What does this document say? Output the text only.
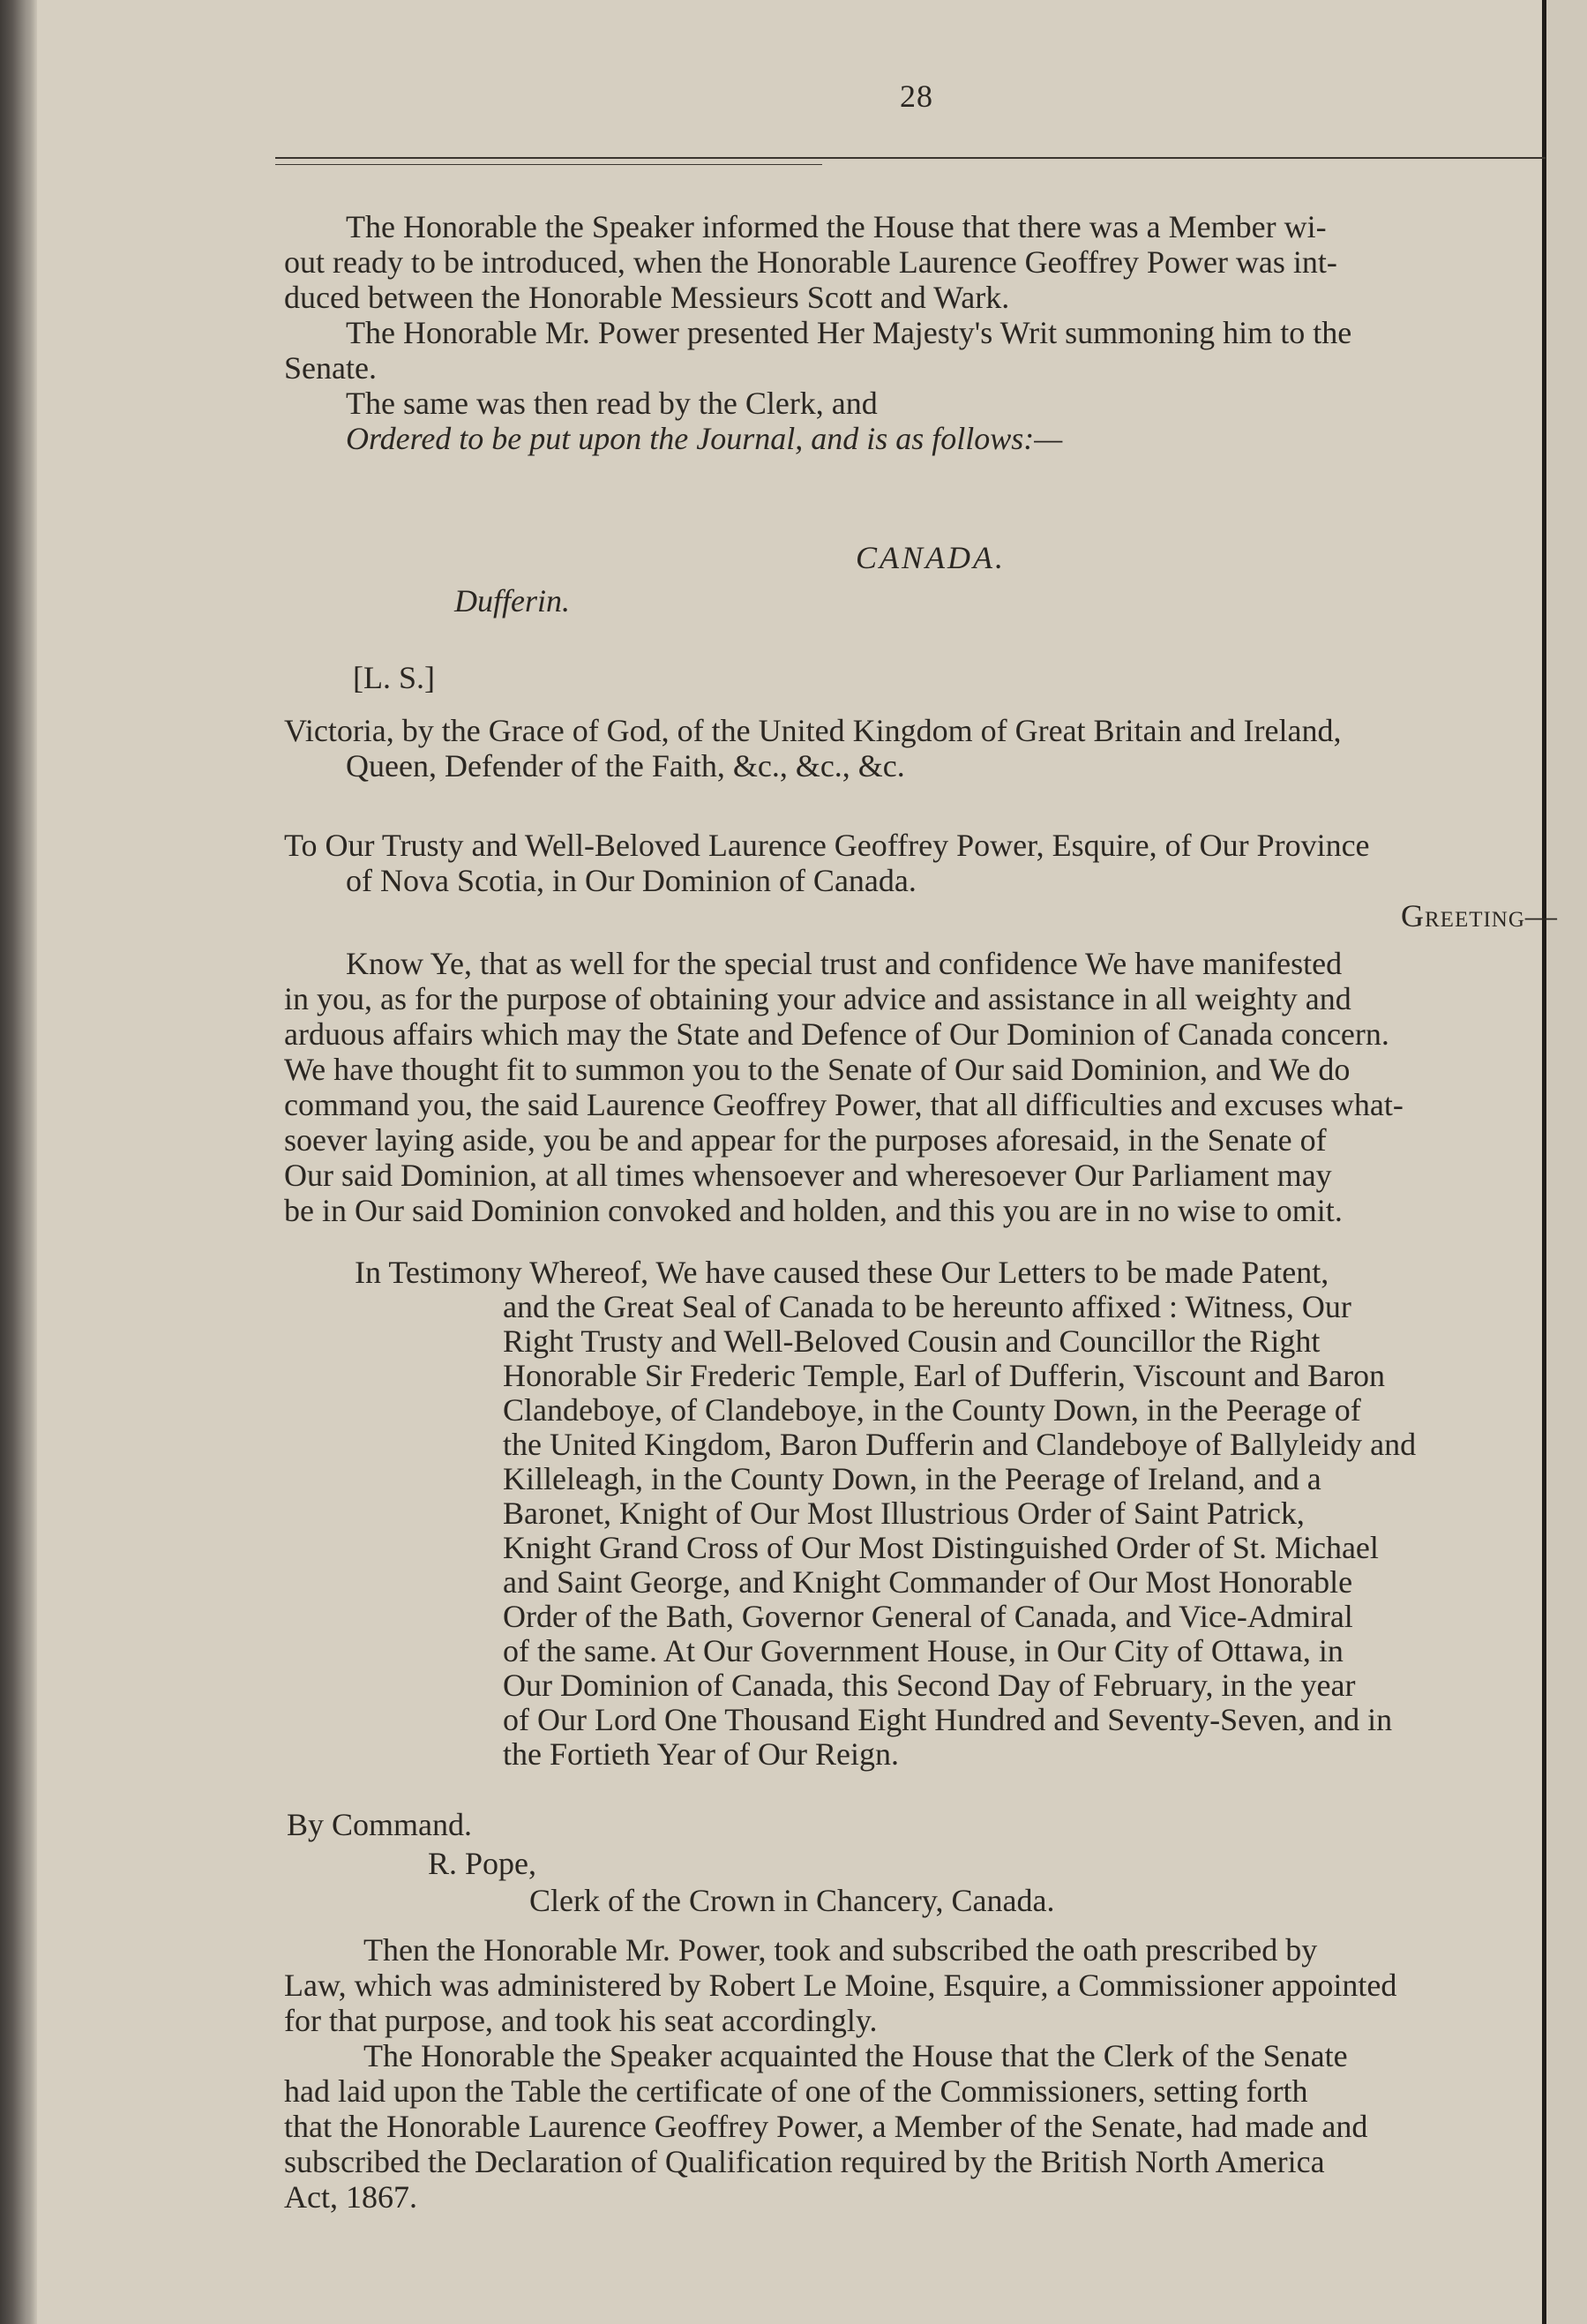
28
The Honorable the Speaker informed the House that there was a Member wi-
out ready to be introduced, when the Honorable Laurence Geoffrey Power was int-
duced between the Honorable Messieurs Scott and Wark.
The Honorable Mr. Power presented Her Majesty's Writ summoning him to the
Senate.
The same was then read by the Clerk, and
Ordered to be put upon the Journal, and is as follows:—
CANADA.
Dufferin.
[L. S.]
Victoria, by the Grace of God, of the United Kingdom of Great Britain and Ireland,
Queen, Defender of the Faith, &c., &c., &c.
To Our Trusty and Well-Beloved Laurence Geoffrey Power, Esquire, of Our Province
of Nova Scotia, in Our Dominion of Canada.
Greeting—
Know Ye, that as well for the special trust and confidence We have manifested
in you, as for the purpose of obtaining your advice and assistance in all weighty and
arduous affairs which may the State and Defence of Our Dominion of Canada concern.
We have thought fit to summon you to the Senate of Our said Dominion, and We do
command you, the said Laurence Geoffrey Power, that all difficulties and excuses what-
soever laying aside, you be and appear for the purposes aforesaid, in the Senate of
Our said Dominion, at all times whensoever and wheresoever Our Parliament may
be in Our said Dominion convoked and holden, and this you are in no wise to omit.
In Testimony Whereof, We have caused these Our Letters to be made Patent,
and the Great Seal of Canada to be hereunto affixed : Witness, Our
Right Trusty and Well-Beloved Cousin and Councillor the Right
Honorable Sir Frederic Temple, Earl of Dufferin, Viscount and Baron
Clandeboye, of Clandeboye, in the County Down, in the Peerage of
the United Kingdom, Baron Dufferin and Clandeboye of Ballyleidy and
Killeleagh, in the County Down, in the Peerage of Ireland, and a
Baronet, Knight of Our Most Illustrious Order of Saint Patrick,
Knight Grand Cross of Our Most Distinguished Order of St. Michael
and Saint George, and Knight Commander of Our Most Honorable
Order of the Bath, Governor General of Canada, and Vice-Admiral
of the same. At Our Government House, in Our City of Ottawa, in
Our Dominion of Canada, this Second Day of February, in the year
of Our Lord One Thousand Eight Hundred and Seventy-Seven, and in
the Fortieth Year of Our Reign.
By Command.
R. Pope,
Clerk of the Crown in Chancery, Canada.
Then the Honorable Mr. Power, took and subscribed the oath prescribed by
Law, which was administered by Robert Le Moine, Esquire, a Commissioner appointed
for that purpose, and took his seat accordingly.
The Honorable the Speaker acquainted the House that the Clerk of the Senate
had laid upon the Table the certificate of one of the Commissioners, setting forth
that the Honorable Laurence Geoffrey Power, a Member of the Senate, had made and
subscribed the Declaration of Qualification required by the British North America
Act, 1867.
